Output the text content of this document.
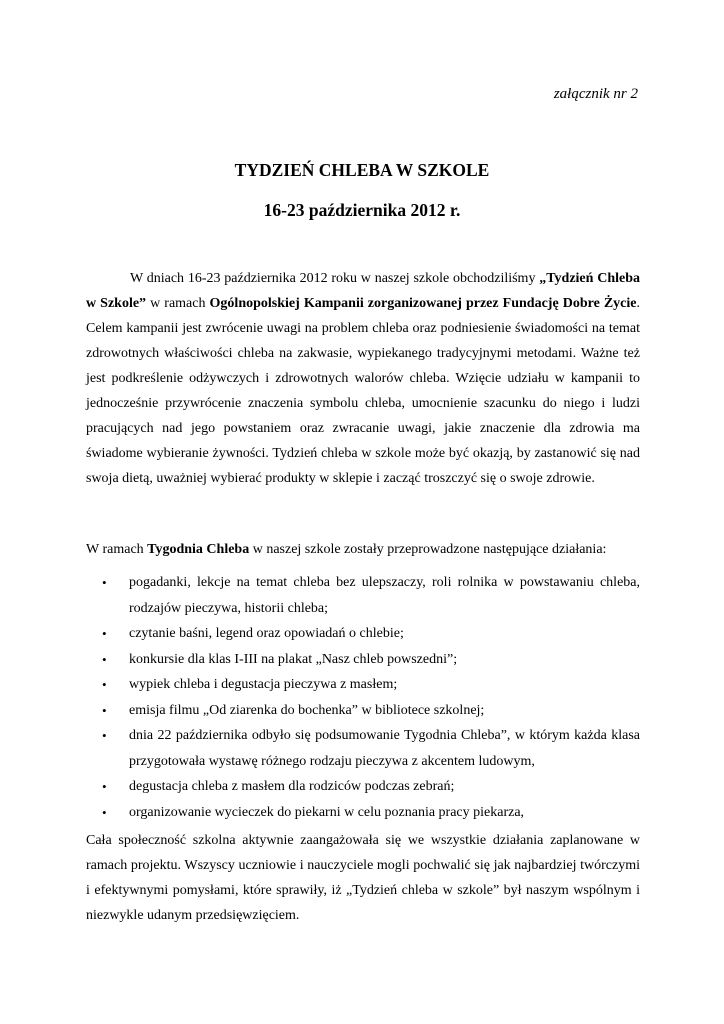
załącznik nr 2
TYDZIEŃ CHLEBA W SZKOLE
16-23 października 2012 r.

W dniach 16-23 października 2012 roku w naszej szkole obchodziliśmy „Tydzień Chleba w Szkole” w ramach Ogólnopolskiej Kampanii zorganizowanej przez Fundację Dobre Życie. Celem kampanii jest zwrócenie uwagi na problem chleba oraz podniesienie świadomości na temat zdrowotnych właściwości chleba na zakwasie, wypiekanego tradycyjnymi metodami. Ważne też jest podkreślenie odżywczych i zdrowotnych walorów chleba. Wzięcie udziału w kampanii to jednocześnie przywrócenie znaczenia symbolu chleba, umocnienie szacunku do niego i ludzi pracujących nad jego powstaniem oraz zwracanie uwagi, jakie znaczenie dla zdrowia ma świadome wybieranie żywności. Tydzień chleba w szkole może być okazją, by zastanowić się nad swoja dietą, uważniej wybierać produkty w sklepie i zacząć troszczyć się o swoje zdrowie.

W ramach Tygodnia Chleba w naszej szkole zostały przeprowadzone następujące działania:

• pogadanki, lekcje na temat chleba bez ulepszaczy, roli rolnika w powstawaniu chleba, rodzajów pieczywa, historii chleba;
• czytanie baśni, legend oraz opowiadań o chlebie;
• konkursie dla klas I-III na plakat „Nasz chleb powszedni”;
• wypiek chleba i degustacja pieczywa z masłem;
• emisja filmu „Od ziarenka do bochenka” w bibliotece szkolnej;
• dnia 22 października odbyło się podsumowanie Tygodnia Chleba”, w którym każda klasa przygotowała wystawę różnego rodzaju pieczywa z akcentem ludowym,
• degustacja chleba z masłem dla rodziców podczas zebrań;
• organizowanie wycieczek do piekarni w celu poznania pracy piekarza,

Cała społeczność szkolna aktywnie zaangażowała się we wszystkie działania zaplanowane w ramach projektu. Wszyscy uczniowie i nauczyciele mogli pochwalić się jak najbardziej twórczymi i efektywnymi pomysłami, które sprawiły, iż „Tydzień chleba w szkole” był naszym wspólnym i niezwykle udanym przedsięwzięciem.
